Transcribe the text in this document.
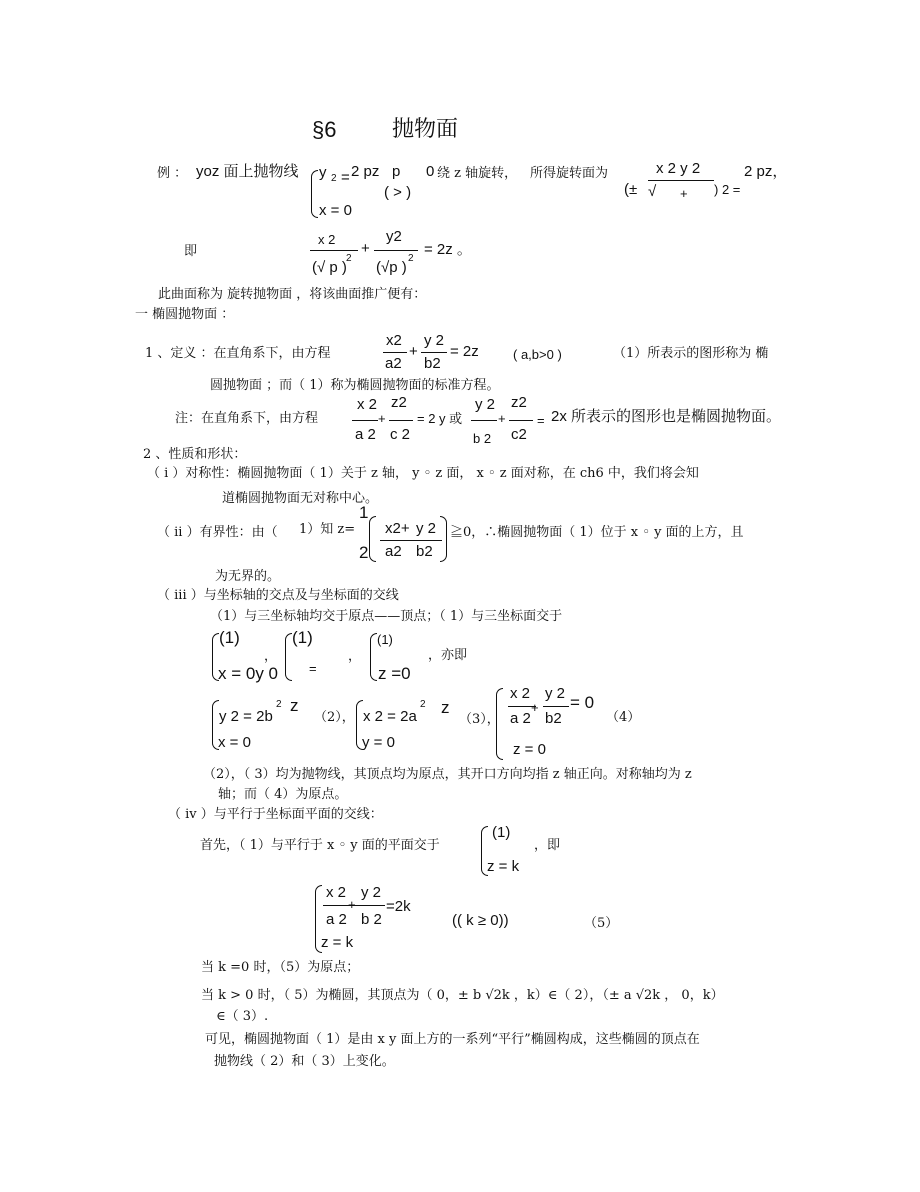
§6	抛物面
例 ： yoz 面上抛物线 y 2 = 2 pz p 0
( > )
x = 0
绕 z 轴旋转， 所得旋转面为	x 2 y 2
(± √ + ) 2 =
2 pz，
即
x 2
(√ p )
2
+
y2
(√p )
2
= 2z 。
此曲面称为 旋转抛物面 ，将该曲面推广便有：
一 椭圆抛物面 ：
1 、定义 ：在直角系下，由方程
x2
a2
+
y 2
b2
= 2z	( a,b>0 )	（1）所表示的图形称为 椭
圆抛物面 ；而（ 1）称为椭圆抛物面的标准方程。
注：在直角系下，由方程
x 2
a 2
+
z2
c 2
= 2 y 或
y 2
b 2
+
z2
c2
= 2x 所表示的图形也是椭圆抛物面。
2 、性质和形状：
（ i ）对称性：椭圆抛物面（ 1）关于 z 轴， y ◦ z 面， x ◦ z 面对称，在 ch6 中，我们将会知
道椭圆抛物面无对称中心。
（ ii ）有界性：由（ 1）知 z=
1
2
x2+ y 2
a2 b2
≧0，∴椭圆抛物面（ 1）位于 x ◦ y 面的上方，且
为无界的。
（ iii ）与坐标轴的交点及与坐标面的交线
（1）与三坐标轴均交于原点——顶点；（ 1）与三坐标面交于
(1)
x = 0y 0
，
(1)
=
，
(1)
z =0
，亦即
y 2 = 2b
2 z
x = 0
（2）， x 2 = 2a
2 z
y = 0
（3），
x 2
a 2
+
y 2
b2
= 0
z = 0
（4）
（2），（ 3）均为抛物线，其顶点均为原点，其开口方向均指 z 轴正向。对称轴均为 z
轴；而（ 4）为原点。
（ iv ）与平行于坐标面平面的交线：
首先，（ 1）与平行于 x ◦ y 面的平面交于
(1)
z = k
，即
x 2
+
y 2
a 2 b 2
=2k
z = k
(( k ≥ 0))	（5）
当 k =0 时，（5）为原点；
当 k > 0 时，（ 5）为椭圆，其顶点为（ 0，± b √2k ，k）∈（ 2），（± a √2k ， 0，k）
∈（ 3）.
可见，椭圆抛物面（ 1）是由 x y 面上方的一系列“平行”椭圆构成，这些椭圆的顶点在
抛物线（ 2）和（ 3）上变化。
